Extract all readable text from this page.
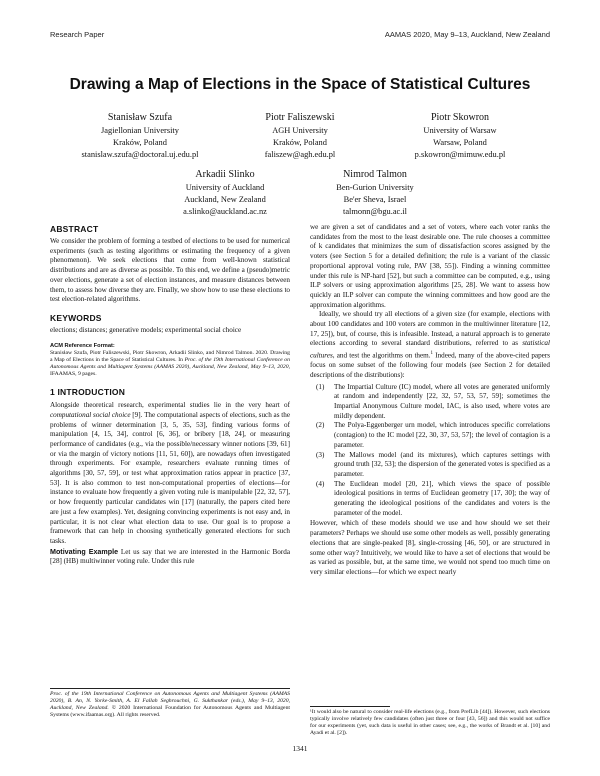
Research Paper	AAMAS 2020, May 9–13, Auckland, New Zealand
Drawing a Map of Elections in the Space of Statistical Cultures
Stanisław Szufa
Jagiellonian University
Kraków, Poland
stanislaw.szufa@doctoral.uj.edu.pl
Piotr Faliszewski
AGH University
Kraków, Poland
faliszew@agh.edu.pl
Piotr Skowron
University of Warsaw
Warsaw, Poland
p.skowron@mimuw.edu.pl
Arkadii Slinko
University of Auckland
Auckland, New Zealand
a.slinko@auckland.ac.nz
Nimrod Talmon
Ben-Gurion University
Be'er Sheva, Israel
talmonn@bgu.ac.il
ABSTRACT

We consider the problem of forming a testbed of elections to be used for numerical experiments (such as testing algorithms or estimating the frequency of a given phenomenon). We seek elections that come from well-known statistical distributions and are as diverse as possible. To this end, we define a (pseudo)metric over elections, generate a set of election instances, and measure distances between them, to assess how diverse they are. Finally, we show how to use these elections to test election-related algorithms.

KEYWORDS

elections; distances; generative models; experimental social choice

ACM Reference Format:

Stanisław Szufa, Piotr Faliszewski, Piotr Skowron, Arkadii Slinko, and Nimrod Talmon. 2020. Drawing a Map of Elections in the Space of Statistical Cultures. In Proc. of the 19th International Conference on Autonomous Agents and Multiagent Systems (AAMAS 2020), Auckland, New Zealand, May 9–13, 2020, IFAAMAS, 9 pages.

1 INTRODUCTION

Alongside theoretical research, experimental studies lie in the very heart of computational social choice [9]. The computational aspects of elections, such as the problems of winner determination [3, 5, 35, 53], finding various forms of manipulation [4, 15, 34], control [6, 36], or bribery [18, 24], or measuring performance of candidates (e.g., via the possible/necessary winner notions [39, 61] or via the margin of victory notions [11, 51, 60]), are nowadays often investigated through experiments. For example, researchers evaluate running times of algorithms [30, 57, 59], or test what approximation ratios appear in practice [37, 53]. It is also common to test non-computational properties of elections—for instance to evaluate how frequently a given voting rule is manipulable [22, 32, 57], or how frequently particular candidates win [17] (naturally, the papers cited here are just a few examples). Yet, designing convincing experiments is not easy and, in particular, it is not clear what election data to use. Our goal is to propose a framework that can help in choosing synthetically generated elections for such tasks.

Motivating Example Let us say that we are interested in the Harmonic Borda [28] (HB) multiwinner voting rule. Under this rule

Proc. of the 19th International Conference on Autonomous Agents and Multiagent Systems (AAMAS 2020), B. An, N. Yorke-Smith, A. El Fallah Seghrouchni, G. Sukthankar (eds.), May 9–13, 2020, Auckland, New Zealand. © 2020 International Foundation for Autonomous Agents and Multiagent Systems (www.ifaamas.org). All rights reserved.

we are given a set of candidates and a set of voters, where each voter ranks the candidates from the most to the least desirable one. The rule chooses a committee of k candidates that minimizes the sum of dissatisfaction scores assigned by the voters (see Section 5 for a detailed definition; the rule is a variant of the classic proportional approval voting rule, PAV [38, 55]). Finding a winning committee under this rule is NP-hard [52], but such a committee can be computed, e.g., using ILP solvers or using approximation algorithms [25, 28]. We want to assess how quickly an ILP solver can compute the winning committees and how good are the approximation algorithms.

Ideally, we should try all elections of a given size (for example, elections with about 100 candidates and 100 voters are common in the multiwinner literature [12, 17, 25]), but, of course, this is infeasible. Instead, a natural approach is to generate elections according to several standard distributions, referred to as statistical cultures, and test the algorithms on them.$^1$ Indeed, many of the above-cited papers focus on some subset of the following four models (see Section 2 for detailed descriptions of the distributions):

(1) The Impartial Culture (IC) model, where all votes are generated uniformly at random and independently [22, 32, 57, 53, 57, 59]; sometimes the Impartial Anonymous Culture model, IAC, is also used, where votes are mildly dependent.
(2) The Polya-Eggenberger urn model, which introduces specific correlations (contagion) to the IC model [22, 30, 37, 53, 57]; the level of contagion is a parameter.
(3) The Mallows model (and its mixtures), which captures settings with ground truth [32, 53]; the dispersion of the generated votes is specified as a parameter.
(4) The Euclidean model [20, 21], which views the space of possible ideological positions in terms of Euclidean geometry [17, 30]; the way of generating the ideological positions of the candidates and voters is the parameter of the model.

However, which of these models should we use and how should we set their parameters? Perhaps we should use some other models as well, possibly generating elections that are single-peaked [8], single-crossing [46, 50], or are structured in some other way? Intuitively, we would like to have a set of elections that would be as varied as possible, but, at the same time, we would not spend too much time on very similar elections—for which we expect nearly

¹It would also be natural to consider real-life elections (e.g., from PrefLib [44]). However, such elections typically involve relatively few candidates (often just three or four [43, 56]) and this would not suffice for our experiments (yet, such data is useful in other cases; see, e.g., the works of Brandt et al. [10] and Ayadi et al. [2]).

1341
